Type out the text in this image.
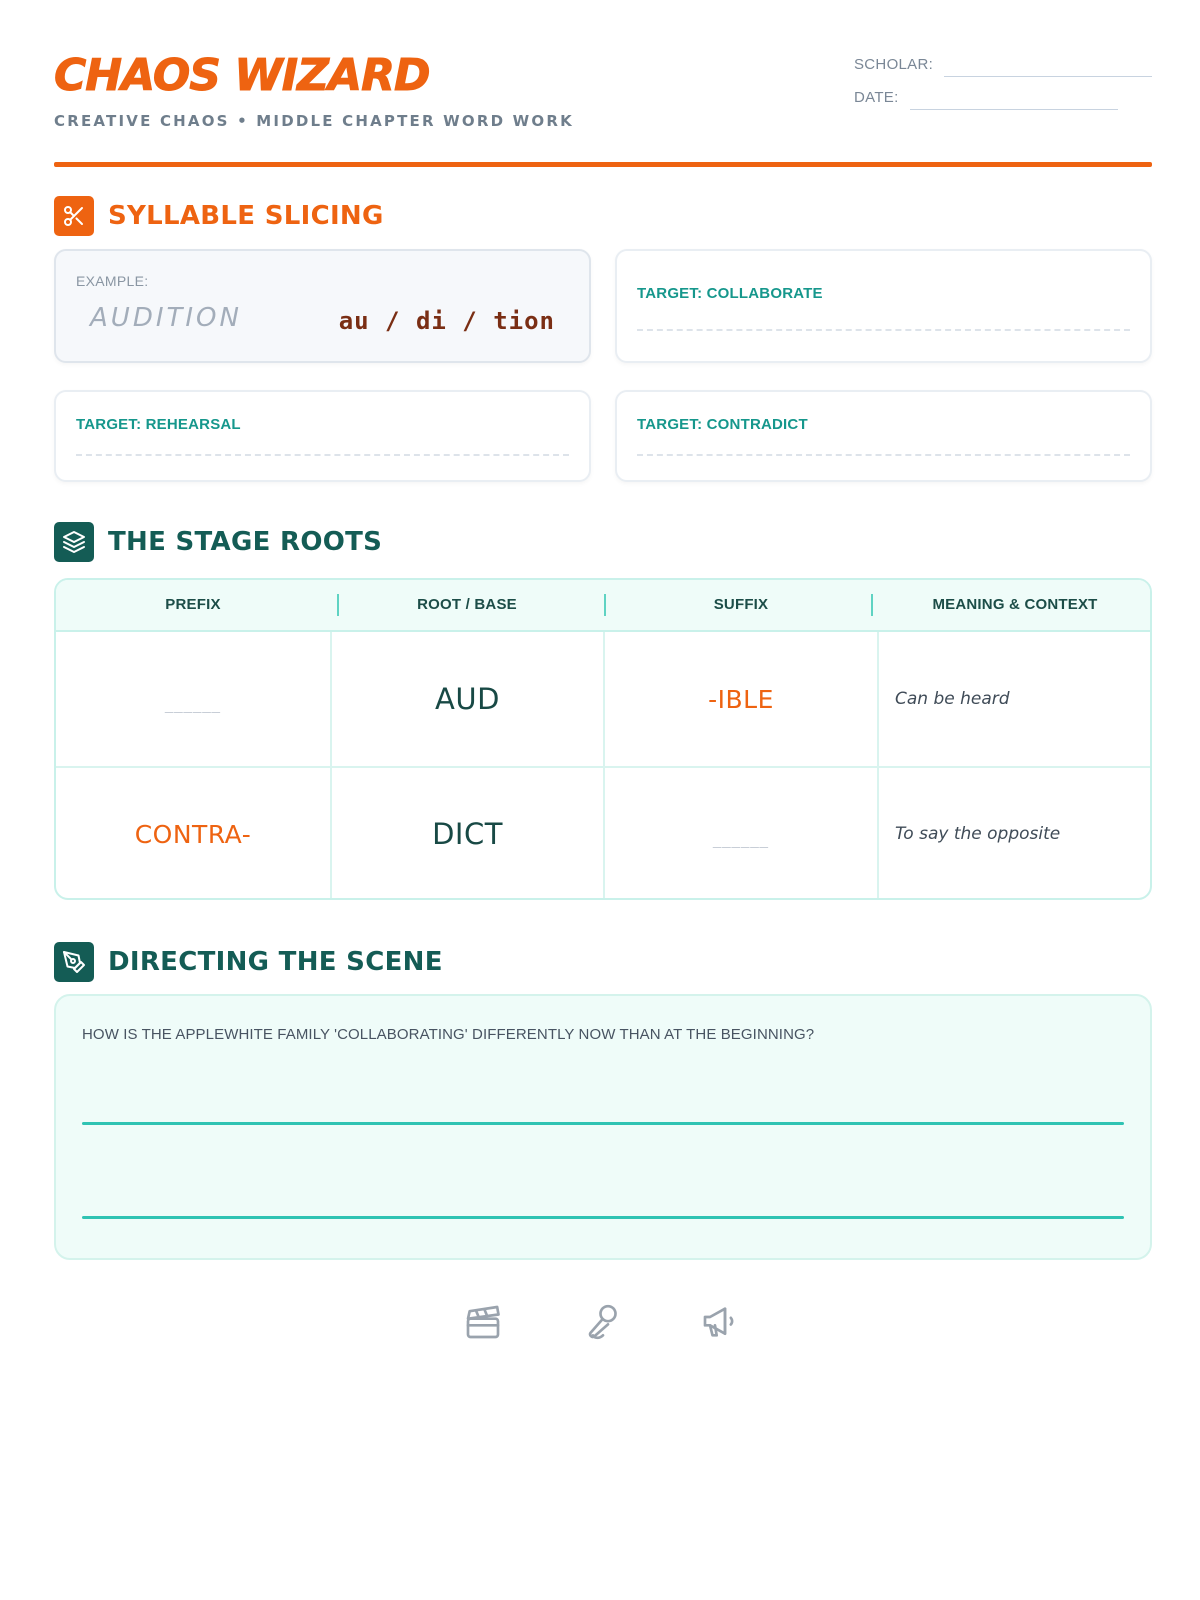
CHAOS WIZARD
CREATIVE CHAOS • MIDDLE CHAPTER WORD WORK
SCHOLAR:
DATE:
SYLLABLE SLICING
EXAMPLE:
AUDITION	au / di / tion
TARGET: COLLABORATE
TARGET: REHEARSAL	TARGET: CONTRADICT
THE STAGE ROOTS
PREFIX	ROOT / BASE	SUFFIX	MEANING & CONTEXT
______	AUD	-IBLE	Can be heard
CONTRA-	DICT	______	To say the opposite
DIRECTING THE SCENE
HOW IS THE APPLEWHITE FAMILY 'COLLABORATING' DIFFERENTLY NOW THAN AT THE BEGINNING?
